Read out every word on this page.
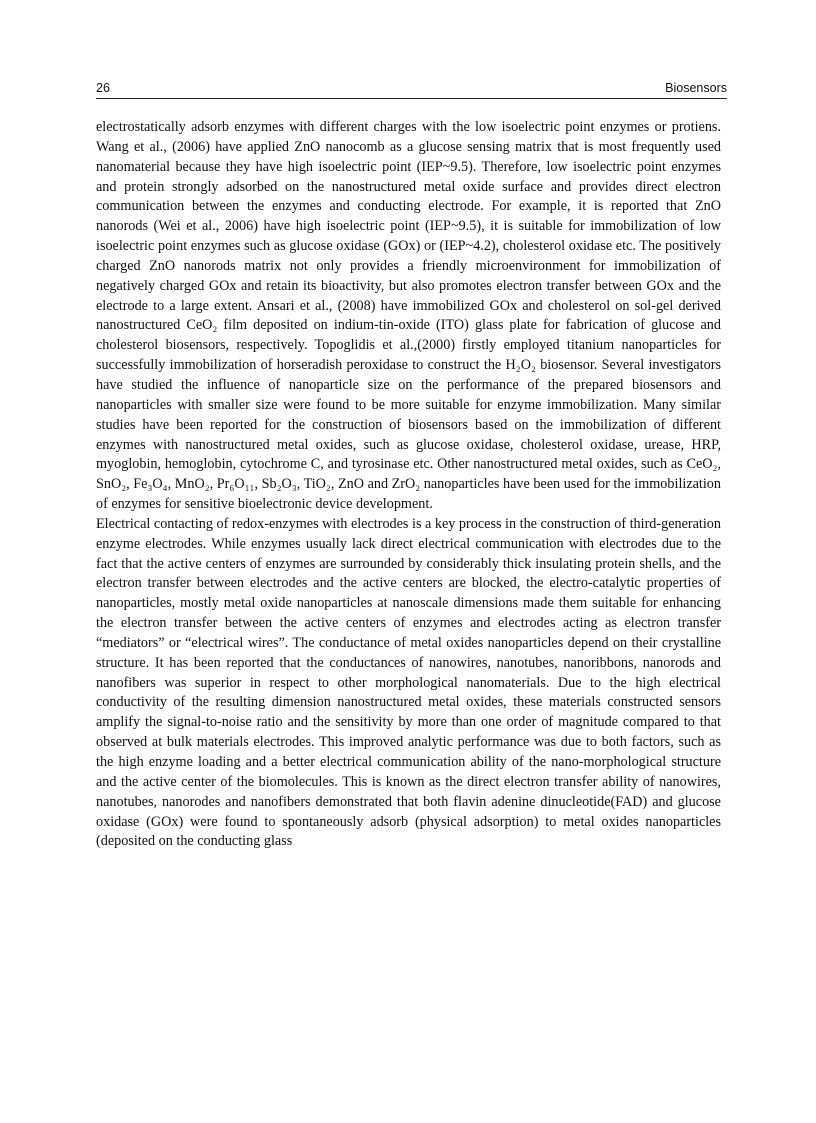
26	Biosensors

electrostatically adsorb enzymes with different charges with the low isoelectric point enzymes or protiens. Wang et al., (2006) have applied ZnO nanocomb as a glucose sensing matrix that is most frequently used nanomaterial because they have high isoelectric point (IEP~9.5). Therefore, low isoelectric point enzymes and protein strongly adsorbed on the nanostructured metal oxide surface and provides direct electron communication between the enzymes and conducting electrode. For example, it is reported that ZnO nanorods (Wei et al., 2006) have high isoelectric point (IEP~9.5), it is suitable for immobilization of low isoelectric point enzymes such as glucose oxidase (GOx) or (IEP~4.2), cholesterol oxidase etc. The positively charged ZnO nanorods matrix not only provides a friendly microenvironment for immobilization of negatively charged GOx and retain its bioactivity, but also promotes electron transfer between GOx and the electrode to a large extent. Ansari et al., (2008) have immobilized GOx and cholesterol on sol-gel derived nanostructured CeO₂ film deposited on indium-tin-oxide (ITO) glass plate for fabrication of glucose and cholesterol biosensors, respectively. Topoglidis et al.,(2000) firstly employed titanium nanoparticles for successfully immobilization of horseradish peroxidase to construct the H₂O₂ biosensor. Several investigators have studied the influence of nanoparticle size on the performance of the prepared biosensors and nanoparticles with smaller size were found to be more suitable for enzyme immobilization. Many similar studies have been reported for the construction of biosensors based on the immobilization of different enzymes with nanostructured metal oxides, such as glucose oxidase, cholesterol oxidase, urease, HRP, myoglobin, hemoglobin, cytochrome C, and tyrosinase etc. Other nanostructured metal oxides, such as CeO₂, SnO₂, Fe₃O₄, MnO₂, Pr₆O₁₁, Sb₂O₃, TiO₂, ZnO and ZrO₂ nanoparticles have been used for the immobilization of enzymes for sensitive bioelectronic device development.

Electrical contacting of redox-enzymes with electrodes is a key process in the construction of third-generation enzyme electrodes. While enzymes usually lack direct electrical communication with electrodes due to the fact that the active centers of enzymes are surrounded by considerably thick insulating protein shells, and the electron transfer between electrodes and the active centers are blocked, the electro-catalytic properties of nanoparticles, mostly metal oxide nanoparticles at nanoscale dimensions made them suitable for enhancing the electron transfer between the active centers of enzymes and electrodes acting as electron transfer “mediators” or “electrical wires”. The conductance of metal oxides nanoparticles depend on their crystalline structure. It has been reported that the conductances of nanowires, nanotubes, nanoribbons, nanorods and nanofibers was superior in respect to other morphological nanomaterials. Due to the high electrical conductivity of the resulting dimension nanostructured metal oxides, these materials constructed sensors amplify the signal-to-noise ratio and the sensitivity by more than one order of magnitude compared to that observed at bulk materials electrodes. This improved analytic performance was due to both factors, such as the high enzyme loading and a better electrical communication ability of the nano-morphological structure and the active center of the biomolecules. This is known as the direct electron transfer ability of nanowires, nanotubes, nanorodes and nanofibers demonstrated that both flavin adenine dinucleotide(FAD) and glucose oxidase (GOx) were found to spontaneously adsorb (physical adsorption) to metal oxides nanoparticles (deposited on the conducting glass
